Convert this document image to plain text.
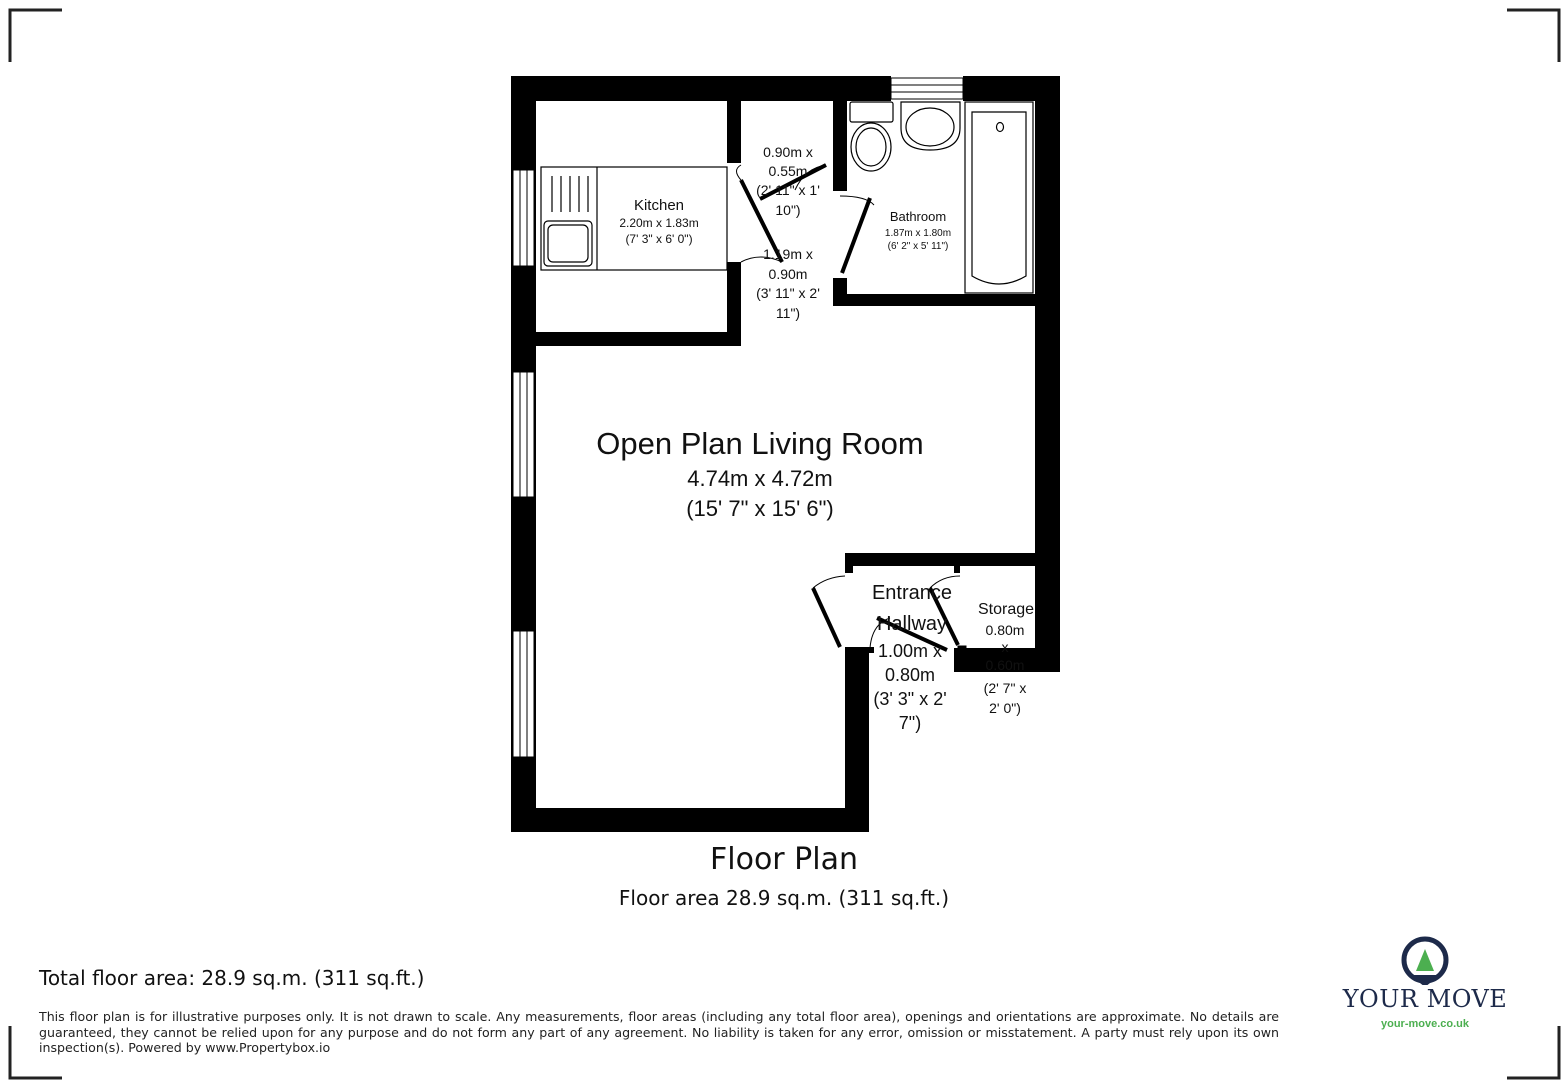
Kitchen
2.20m x 1.83m
(7' 3" x 6' 0")
0.90m x
0.55m
(2' 11" x 1'
10")
1.19m x
0.90m
(3' 11" x 2'
11")
Bathroom
1.87m x 1.80m
(6' 2" x 5' 11")
Open Plan Living Room
4.74m x 4.72m
(15' 7" x 15' 6")
Entrance
Hallway
1.00m x
0.80m
(3' 3" x 2'
7")
Storage
0.80m
x
0.60m
(2' 7" x
2' 0")
Floor Plan
Floor area 28.9 sq.m. (311 sq.ft.)
Total floor area: 28.9 sq.m. (311 sq.ft.)
This floor plan is for illustrative purposes only. It is not drawn to scale. Any measurements, floor areas (including any total floor area), openings and orientations are approximate. No details are guaranteed, they cannot be relied upon for any purpose and do not form any part of any agreement. No liability is taken for any error, omission or misstatement. A party must rely upon its own inspection(s). Powered by www.Propertybox.io
YOUR MOVE
your-move.co.uk
